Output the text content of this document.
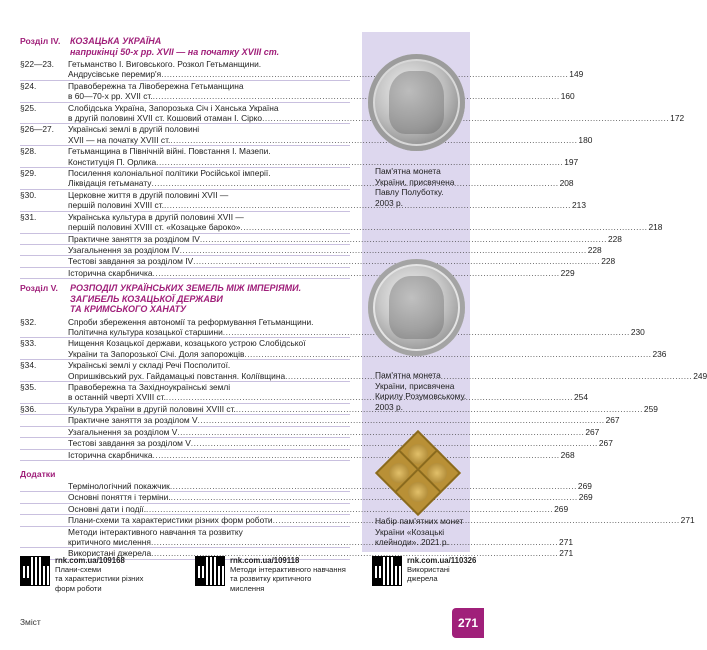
Розділ IV.	КОЗАЦЬКА УКРАЇНА
наприкінці 50-х рр. XVII — на початку XVIII ст.
§22—23.	Гетьманство І. Виговського. Розкол Гетьманщини.
Андрусівське перемир'я .....	149
§24.	Правобережна та Лівобережна Гетьманщина
в 60—70-х рр. XVII ст. .....	160
§25.	Слобідська Україна, Запорозька Січ і Ханська Україна
в другій половині XVII ст. Кошовий отаман І. Сірко .....	172
§26—27.	Українські землі в другій половині
XVII — на початку XVIII ст. .....	180
§28.	Гетьманщина в Північній війні. Повстання І. Мазепи.
Конституція П. Орлика .....	197
§29.	Посилення колоніальної політики Російської імперії.
Ліквідація гетьманату .....	208
§30.	Церковне життя в другій половині XVII —
першій половині XVIII ст. .....	213
§31.	Українська культура в другій половині XVII —
першій половині XVIII ст. «Козацьке бароко» .....	218
Практичне заняття за розділом IV .....	228
Узагальнення за розділом IV .....	228
Тестові завдання за розділом IV .....	228
Історична скарбничка .....	229
Розділ V.	РОЗПОДІЛ УКРАЇНСЬКИХ ЗЕМЕЛЬ МІЖ ІМПЕРІЯМИ.
ЗАГИБЕЛЬ КОЗАЦЬКОЇ ДЕРЖАВИ
ТА КРИМСЬКОГО ХАНАТУ
§32.	Спроби збереження автономії та реформування Гетьманщини.
Політична культура козацької старшини .....	230
§33.	Нищення Козацької держави, козацького устрою Слобідської
України та Запорозької Січі. Доля запорожців .....	236
§34.	Українські землі у складі Речі Посполитої.
Опришківський рух. Гайдамацькі повстання. Коліївщина .....	249
§35.	Правобережна та Західноукраїнські землі
в останній чверті XVIII ст. .....	254
§36.	Культура України в другій половині XVIII ст. .....	259
Практичне заняття за розділом V .....	267
Узагальнення за розділом V .....	267
Тестові завдання за розділом V .....	267
Історична скарбничка .....	268
Додатки
Термінологічний покажчик .....	269
Основні поняття і терміни. .....	269
Основні дати і події. .....	269
Плани-схеми та характеристики різних форм роботи .....	271
Методи інтерактивного навчання та розвитку
критичного мислення .....	271
Використані джерела .....	271
Пам'ятна монета
України, присвячена
Павлу Полуботку.
2003 р.
Пам'ятна монета
України, присвячена
Кирилу Розумовському.
2003 р.
Набір пам'ятних монет
України «Козацькі
клейноди». 2021 р.
rnk.com.ua/109168
Плани-схеми
та характеристики різних
форм роботи
rnk.com.ua/109118
Методи інтерактивного навчання
та розвитку критичного
мислення
rnk.com.ua/110326
Використані
джерела
Зміст	271
